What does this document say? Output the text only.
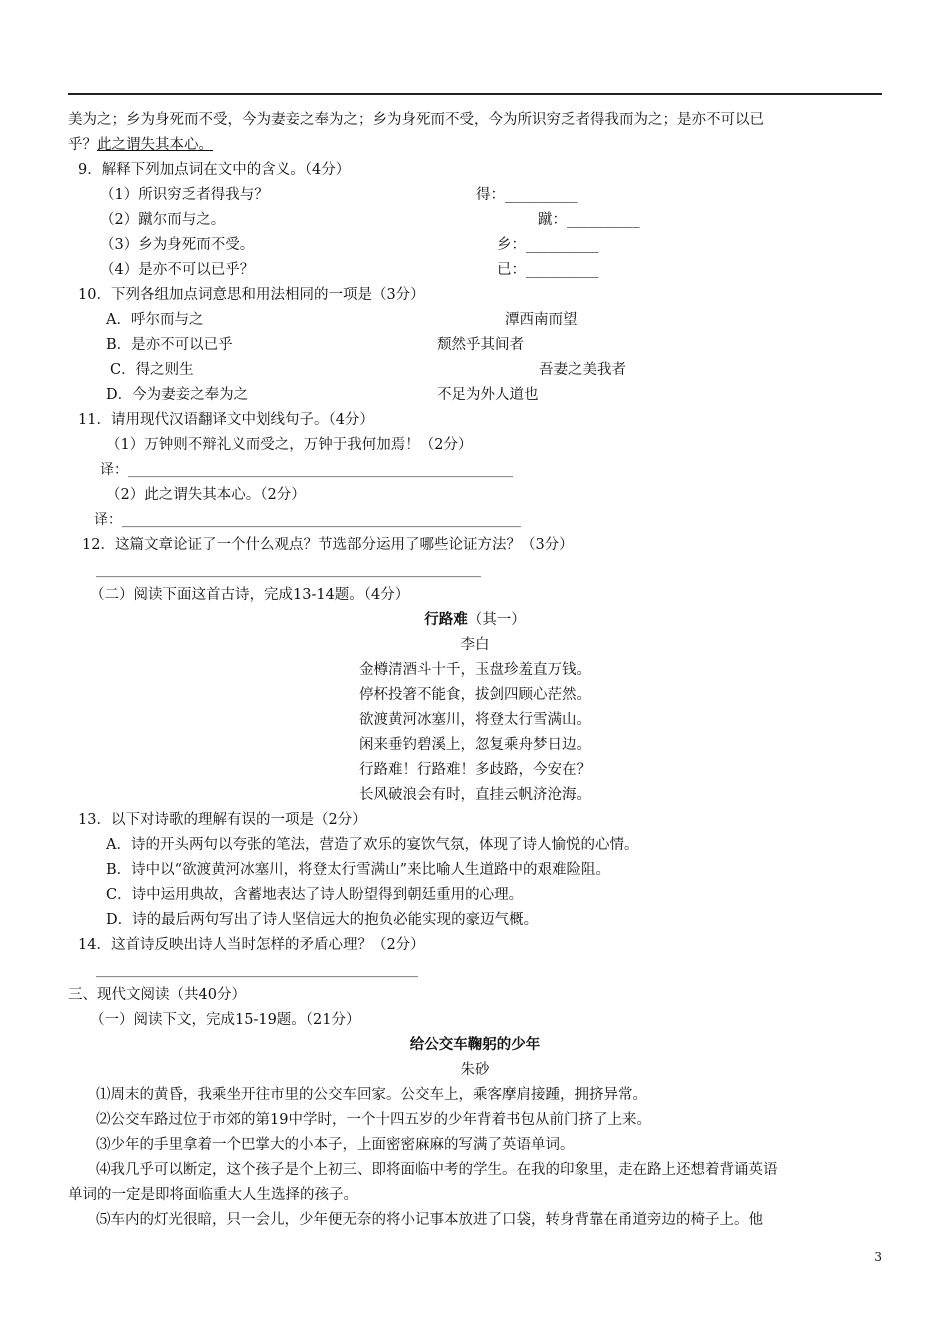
美为之；乡为身死而不受，今为妻妾之奉为之；乡为身死而不受，今为所识穷乏者得我而为之；是亦不可以已
乎？此之谓失其本心。
9．解释下列加点词在文中的含义。（4分）
（1）所识穷乏者得我与？	得：__________
（2）蹴尔而与之。	蹴：__________
（3）乡为身死而不受。	乡：__________
（4）是亦不可以已乎？	已：__________
10．下列各组加点词意思和用法相同的一项是（3分）
A．呼尔而与之	潭西南而望
B．是亦不可以已乎	颓然乎其间者
C．得之则生	吾妻之美我者
D．今为妻妾之奉为之	不足为外人道也
11．请用现代汉语翻译文中划线句子。（4分）
（1）万钟则不辩礼义而受之，万钟于我何加焉！（2分）
译：_______________________________________________________
（2）此之谓失其本心。（2分）
译：_________________________________________________________
12．这篇文章论证了一个什么观点？节选部分运用了哪些论证方法？（3分）
_______________________________________________________
（二）阅读下面这首古诗，完成13-14题。（4分）
行路难（其一）
李白
金樽清酒斗十千，玉盘珍羞直万钱。
停杯投箸不能食，拔剑四顾心茫然。
欲渡黄河冰塞川，将登太行雪满山。
闲来垂钓碧溪上，忽复乘舟梦日边。
行路难！行路难！多歧路，今安在？
长风破浪会有时，直挂云帆济沧海。
13．以下对诗歌的理解有误的一项是（2分）
A．诗的开头两句以夸张的笔法，营造了欢乐的宴饮气氛，体现了诗人愉悦的心情。
B．诗中以“欲渡黄河冰塞川，将登太行雪满山”来比喻人生道路中的艰难险阻。
C．诗中运用典故，含蓄地表达了诗人盼望得到朝廷重用的心理。
D．诗的最后两句写出了诗人坚信远大的抱负必能实现的豪迈气概。
14．这首诗反映出诗人当时怎样的矛盾心理？（2分）
______________________________________________
三、现代文阅读（共40分）
（一）阅读下文，完成15-19题。（21分）
给公交车鞠躬的少年
朱砂
⑴周末的黄昏，我乘坐开往市里的公交车回家。公交车上，乘客摩肩接踵，拥挤异常。
⑵公交车路过位于市郊的第19中学时，一个十四五岁的少年背着书包从前门挤了上来。
⑶少年的手里拿着一个巴掌大的小本子，上面密密麻麻的写满了英语单词。
⑷我几乎可以断定，这个孩子是个上初三、即将面临中考的学生。在我的印象里，走在路上还想着背诵英语
单词的一定是即将面临重大人生选择的孩子。
⑸车内的灯光很暗，只一会儿，少年便无奈的将小记事本放进了口袋，转身背靠在甬道旁边的椅子上。他
3
